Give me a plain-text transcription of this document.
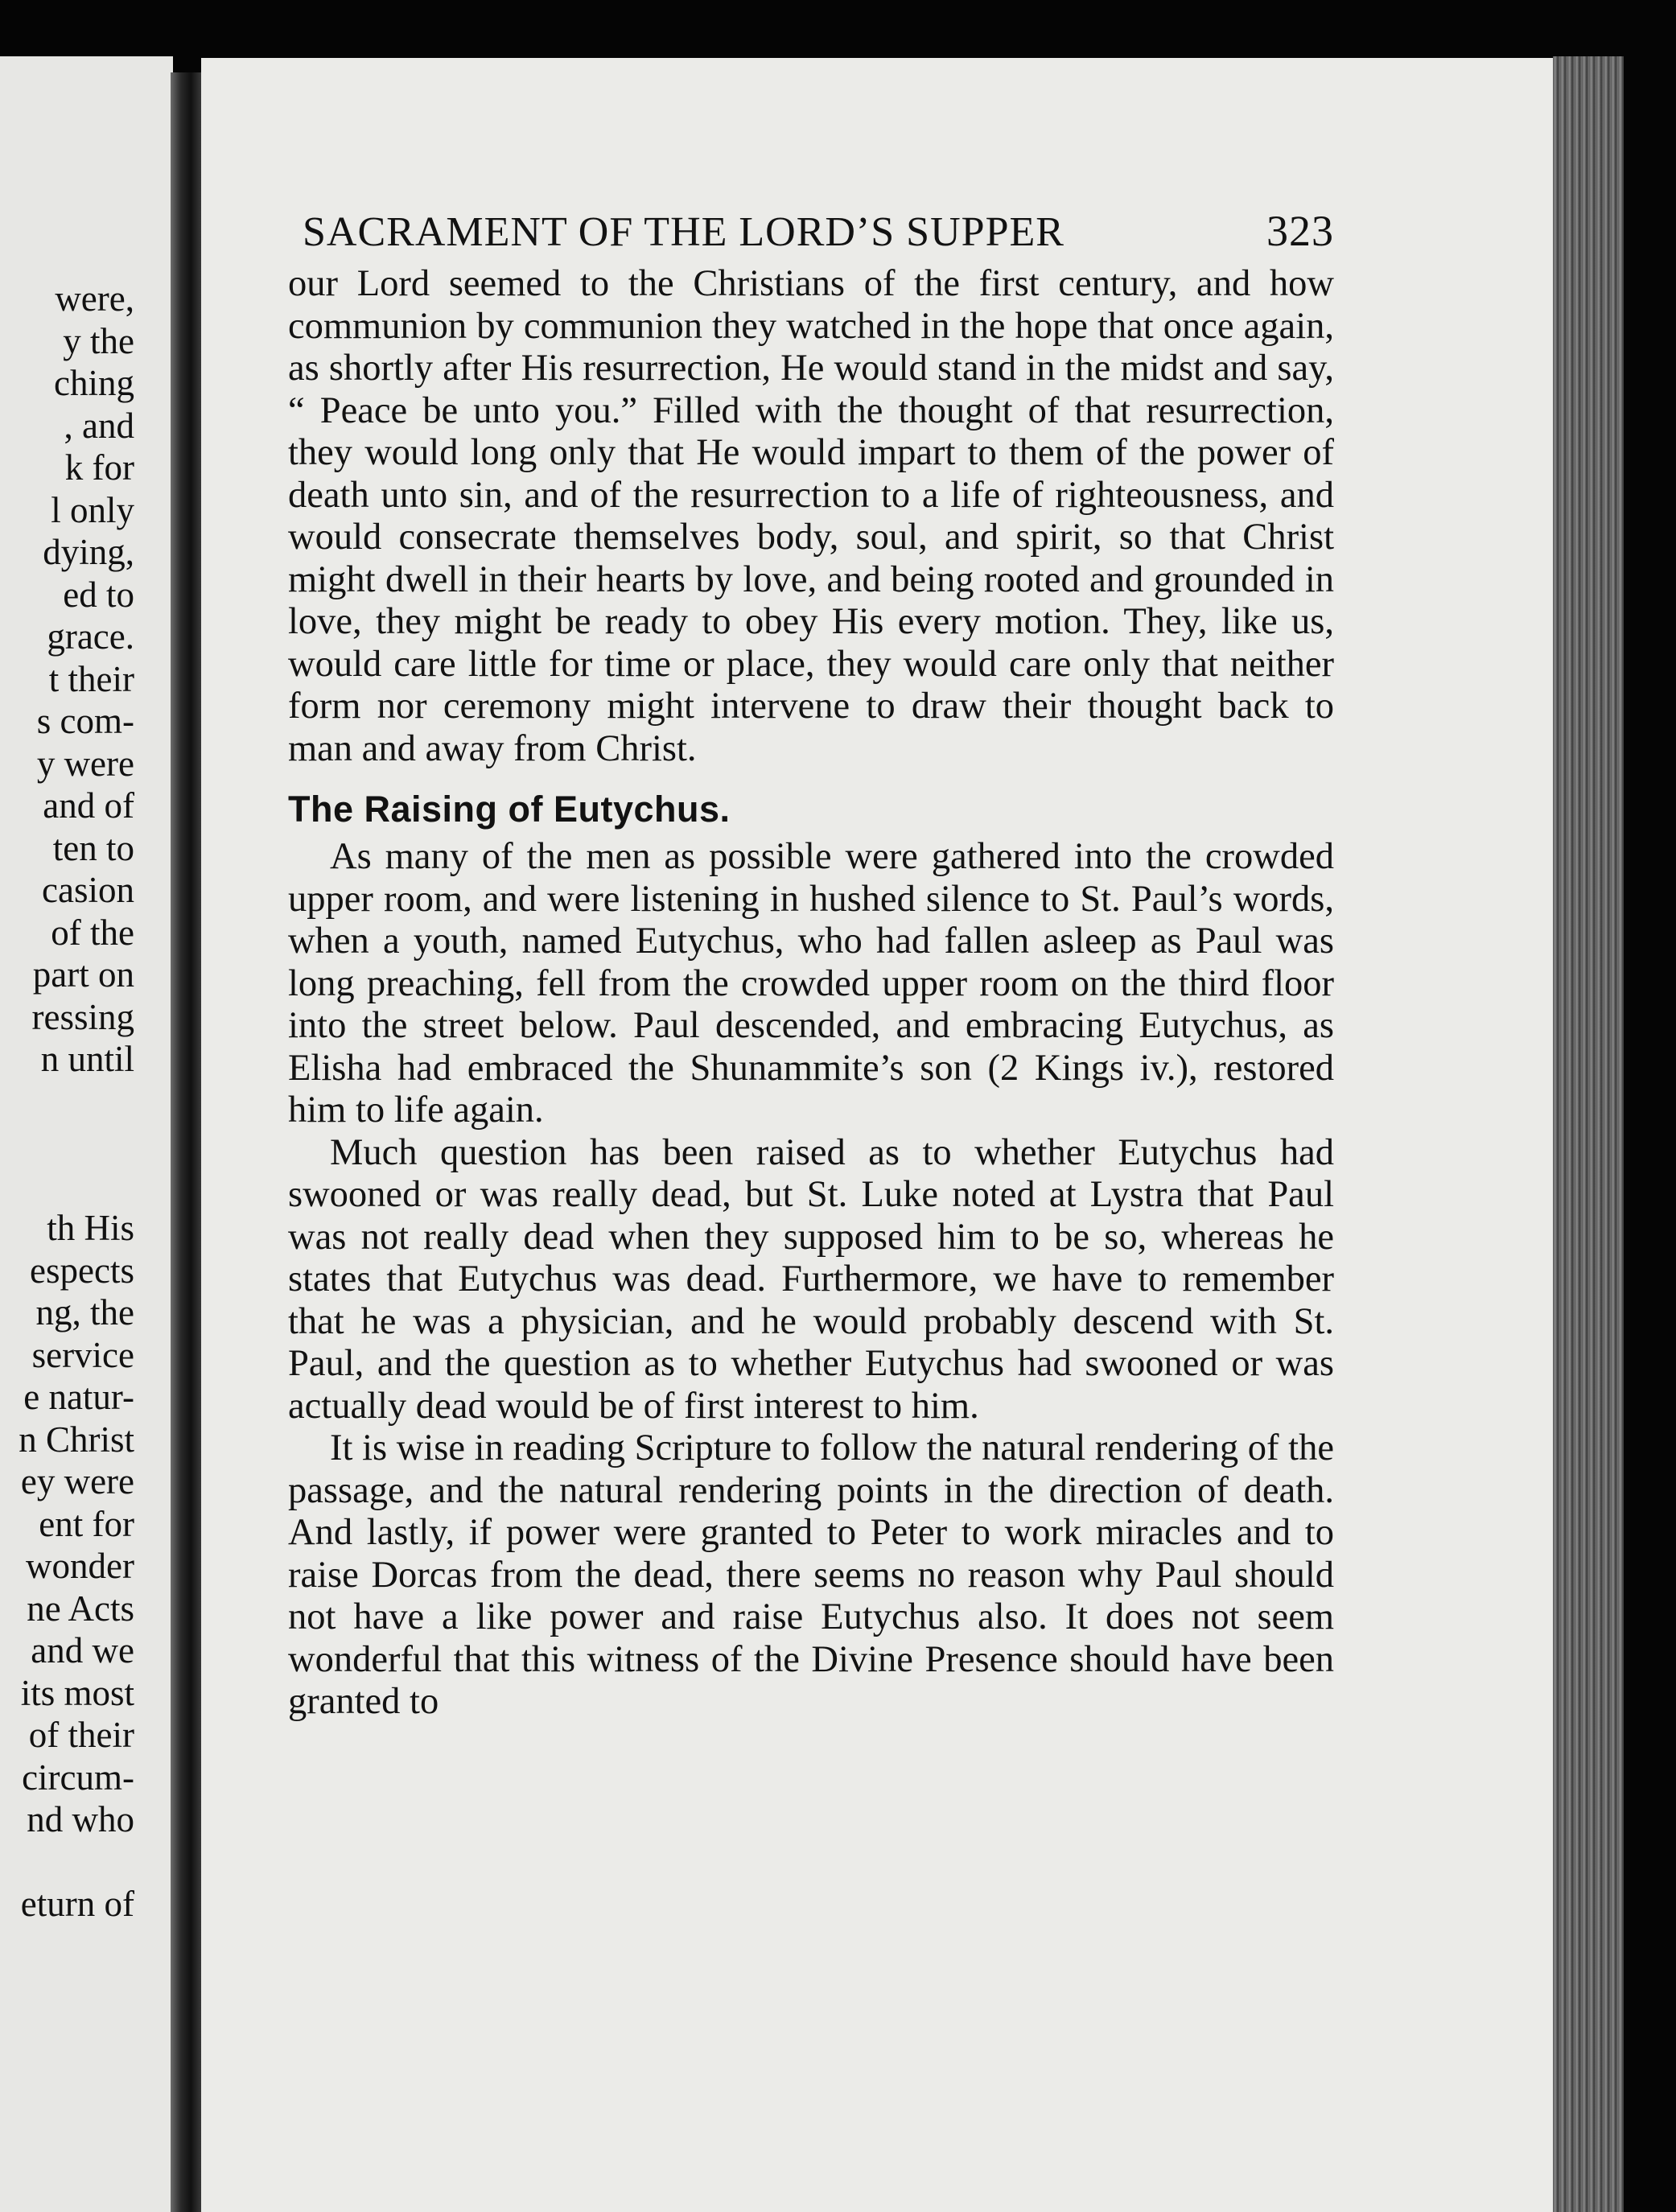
were,
y the
ching
, and
k for
l only
dying,
ed to
grace.
t their
s com-
y were
and of
ten to
casion
of the
part on
ressing
n until

th His
espects
ng, the
service
e natur-
n Christ
ey were
ent for
wonder
ne Acts
and we
its most
of their
circum-
nd who

eturn of
SACRAMENT OF THE LORD’S SUPPER	323

our Lord seemed to the Christians of the first century, and how communion by communion they watched in the hope that once again, as shortly after His resurrection, He would stand in the midst and say, “ Peace be unto you.” Filled with the thought of that resurrection, they would long only that He would impart to them of the power of death unto sin, and of the resurrection to a life of righteousness, and would consecrate themselves body, soul, and spirit, so that Christ might dwell in their hearts by love, and being rooted and grounded in love, they might be ready to obey His every motion. They, like us, would care little for time or place, they would care only that neither form nor ceremony might intervene to draw their thought back to man and away from Christ.

The Raising of Eutychus.

As many of the men as possible were gathered into the crowded upper room, and were listening in hushed silence to St. Paul’s words, when a youth, named Eutychus, who had fallen asleep as Paul was long preaching, fell from the crowded upper room on the third floor into the street below. Paul descended, and embracing Eutychus, as Elisha had embraced the Shunammite’s son (2 Kings iv.), restored him to life again.

Much question has been raised as to whether Eutychus had swooned or was really dead, but St. Luke noted at Lystra that Paul was not really dead when they supposed him to be so, whereas he states that Eutychus was dead. Furthermore, we have to remember that he was a physician, and he would probably descend with St. Paul, and the question as to whether Eutychus had swooned or was actually dead would be of first interest to him.

It is wise in reading Scripture to follow the natural rendering of the passage, and the natural rendering points in the direction of death. And lastly, if power were granted to Peter to work miracles and to raise Dorcas from the dead, there seems no reason why Paul should not have a like power and raise Eutychus also. It does not seem wonderful that this witness of the Divine Presence should have been granted to
